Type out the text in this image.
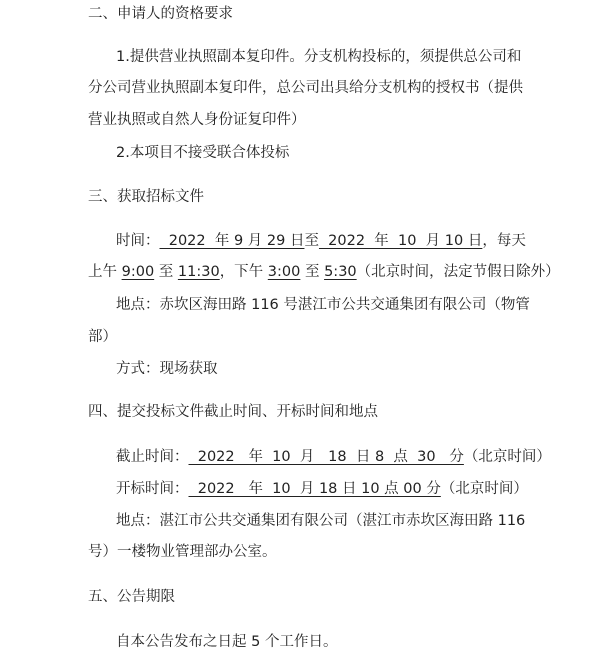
二、申请人的资格要求
1.提供营业执照副本复印件。分支机构投标的，须提供总公司和
分公司营业执照副本复印件，总公司出具给分支机构的授权书（提供
营业执照或自然人身份证复印件）
2.本项目不接受联合体投标
三、获取招标文件
时间：  2022  年 9 月 29 日至  2022  年  10  月 10 日，每天
上午 9:00 至 11:30，下午 3:00 至 5:30（北京时间，法定节假日除外）
地点：赤坎区海田路 116 号湛江市公共交通集团有限公司（物管
部）
方式：现场获取
四、提交投标文件截止时间、开标时间和地点
截止时间：  2022   年  10  月   18  日 8  点  30   分（北京时间）
开标时间：  2022   年  10  月 18 日 10 点 00 分（北京时间）
地点：湛江市公共交通集团有限公司（湛江市赤坎区海田路 116
号）一楼物业管理部办公室。
五、公告期限
自本公告发布之日起 5 个工作日。
